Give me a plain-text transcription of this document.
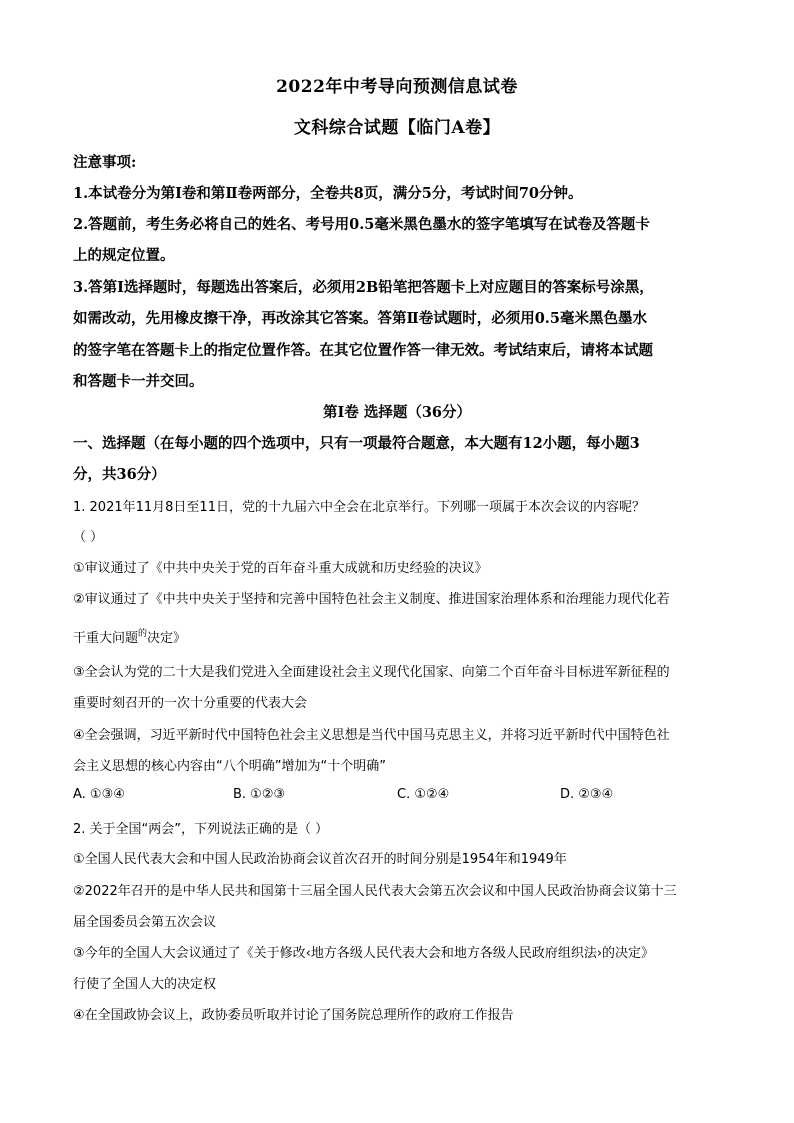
2022年中考导向预测信息试卷
文科综合试题【临门A卷】
注意事项:
1.本试卷分为第Ⅰ卷和第Ⅱ卷两部分，全卷共8页，满分5分，考试时间70分钟。
2.答题前，考生务必将自己的姓名、考号用0.5毫米黑色墨水的签字笔填写在试卷及答题卡
上的规定位置。
3.答第Ⅰ选择题时，每题选出答案后，必须用2B铅笔把答题卡上对应题目的答案标号涂黑，
如需改动，先用橡皮擦干净，再改涂其它答案。答第Ⅱ卷试题时，必须用0.5毫米黑色墨水
的签字笔在答题卡上的指定位置作答。在其它位置作答一律无效。考试结束后，请将本试题
和答题卡一并交回。
第Ⅰ卷 选择题（36分）
一、选择题（在每小题的四个选项中，只有一项最符合题意，本大题有12小题，每小题3
分，共36分）
1. 2021年11月8日至11日，党的十九届六中全会在北京举行。下列哪一项属于本次会议的内容呢？
（ ）
①审议通过了《中共中央关于党的百年奋斗重大成就和历史经验的决议》
②审议通过了《中共中央关于坚持和完善中国特色社会主义制度、推进国家治理体系和治理能力现代化若
干重大问题$^的$决定》
③全会认为党的二十大是我们党进入全面建设社会主义现代化国家、向第二个百年奋斗目标进军新征程的
重要时刻召开的一次十分重要的代表大会
④全会强调，习近平新时代中国特色社会主义思想是当代中国马克思主义，并将习近平新时代中国特色社
会主义思想的核心内容由“八个明确”增加为“十个明确”
A. ①③④	B. ①②③	C. ①②④	D. ②③④
2. 关于全国“两会”，下列说法正确的是（ ）
①全国人民代表大会和中国人民政治协商会议首次召开的时间分别是1954年和1949年
②2022年召开的是中华人民共和国第十三届全国人民代表大会第五次会议和中国人民政治协商会议第十三
届全国委员会第五次会议
③今年的全国人大会议通过了《关于修改‹地方各级人民代表大会和地方各级人民政府组织法›的决定》
行使了全国人大的决定权
④在全国政协会议上，政协委员听取并讨论了国务院总理所作的政府工作报告
